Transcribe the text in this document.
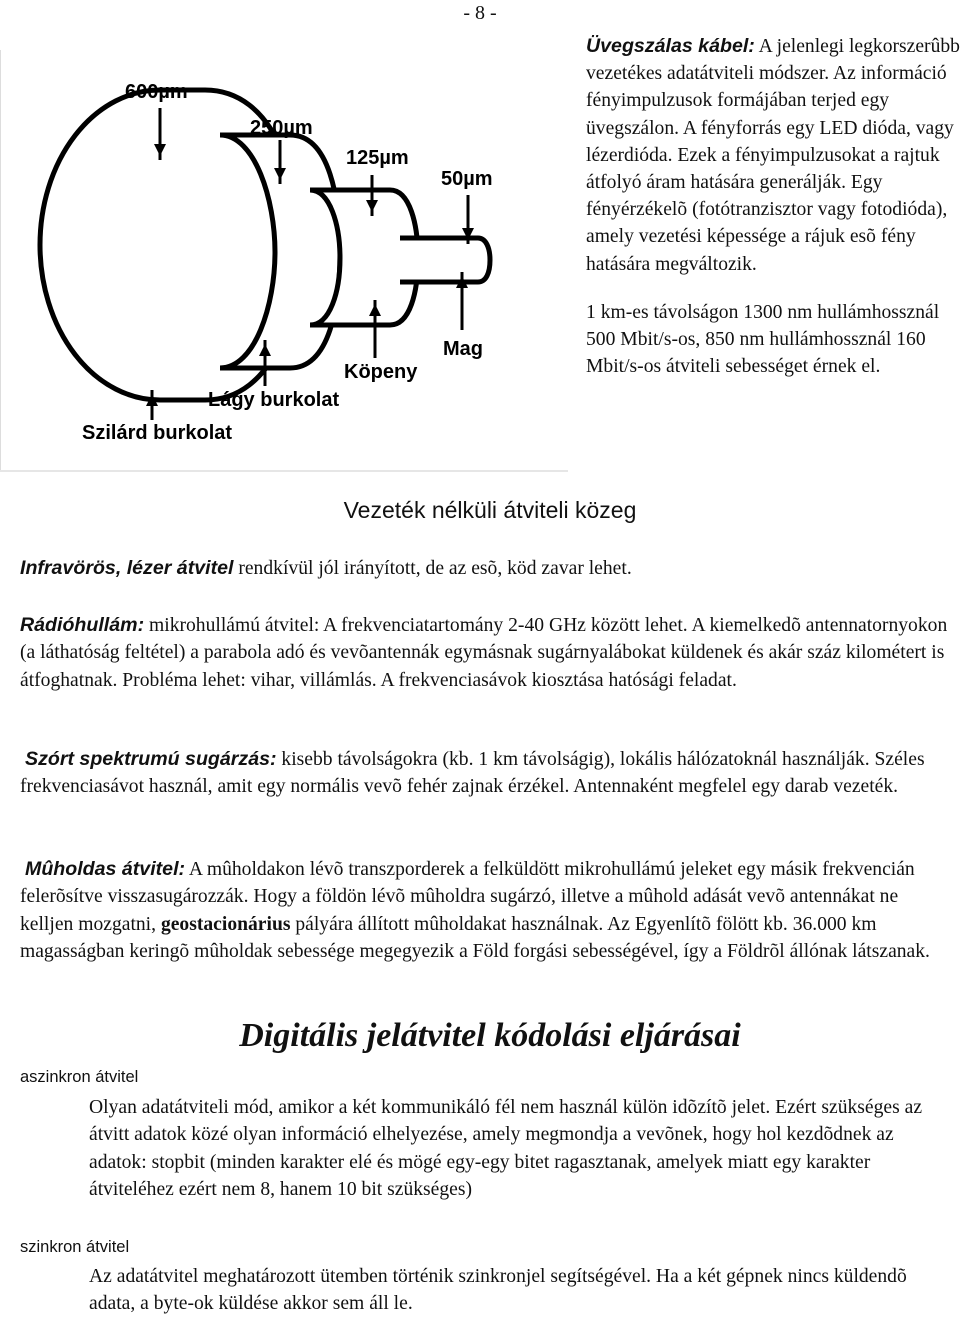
- 8 -
600µm
250µm
125µm
50µm
Mag
Köpeny
Lágy burkolat
Szilárd burkolat

Üvegszálas kábel: A jelenlegi legkorszerûbb vezetékes adatátviteli módszer. Az információ fényimpulzusok formájában terjed egy üvegszálon. A fényforrás egy LED dióda, vagy lézerdióda. Ezek a fényimpulzusokat a rajtuk átfolyó áram hatására generálják. Egy fényérzékelõ (fotótranzisztor vagy fotodióda), amely vezetési képessége a rájuk esõ fény hatására megváltozik.

1 km-es távolságon 1300 nm hullámhossznál 500 Mbit/s-os, 850 nm hullámhossznál 160 Mbit/s-os átviteli sebességet érnek el.

Vezeték nélküli átviteli közeg

Infravörös, lézer átvitel rendkívül jól irányított, de az esõ, köd zavar lehet.

Rádióhullám: mikrohullámú átvitel: A frekvenciatartomány 2-40 GHz között lehet. A kiemelkedõ antennatornyokon (a láthatóság feltétel) a parabola adó és vevõantennák egymásnak sugárnyalábokat küldenek és akár száz kilométert is átfoghatnak. Probléma lehet: vihar, villámlás. A frekvenciasávok kiosztása hatósági feladat.

Szórt spektrumú sugárzás: kisebb távolságokra (kb. 1 km távolságig), lokális hálózatoknál használják. Széles frekvenciasávot használ, amit egy normális vevõ fehér zajnak érzékel. Antennaként megfelel egy darab vezeték.

Mûholdas átvitel: A mûholdakon lévõ transzporderek a felküldött mikrohullámú jeleket egy másik frekvencián felerõsítve visszasugározzák. Hogy a földön lévõ mûholdra sugárzó, illetve a mûhold adását vevõ antennákat ne kelljen mozgatni, geostacionárius pályára állított mûholdakat használnak. Az Egyenlítõ fölött kb. 36.000 km magasságban keringõ mûholdak sebessége megegyezik a Föld forgási sebességével, így a Földrõl állónak látszanak.

Digitális jelátvitel kódolási eljárásai
aszinkron átvitel

Olyan adatátviteli mód, amikor a két kommunikáló fél nem használ külön idõzítõ jelet. Ezért szükséges az átvitt adatok közé olyan információ elhelyezése, amely megmondja a vevõnek, hogy hol kezdõdnek az adatok: stopbit (minden karakter elé és mögé egy-egy bitet ragasztanak, amelyek miatt egy karakter átviteléhez ezért nem 8, hanem 10 bit szükséges)

szinkron átvitel

Az adatátvitel meghatározott ütemben történik szinkronjel segítségével. Ha a két gépnek nincs küldendõ adata, a byte-ok küldése akkor sem áll le.
